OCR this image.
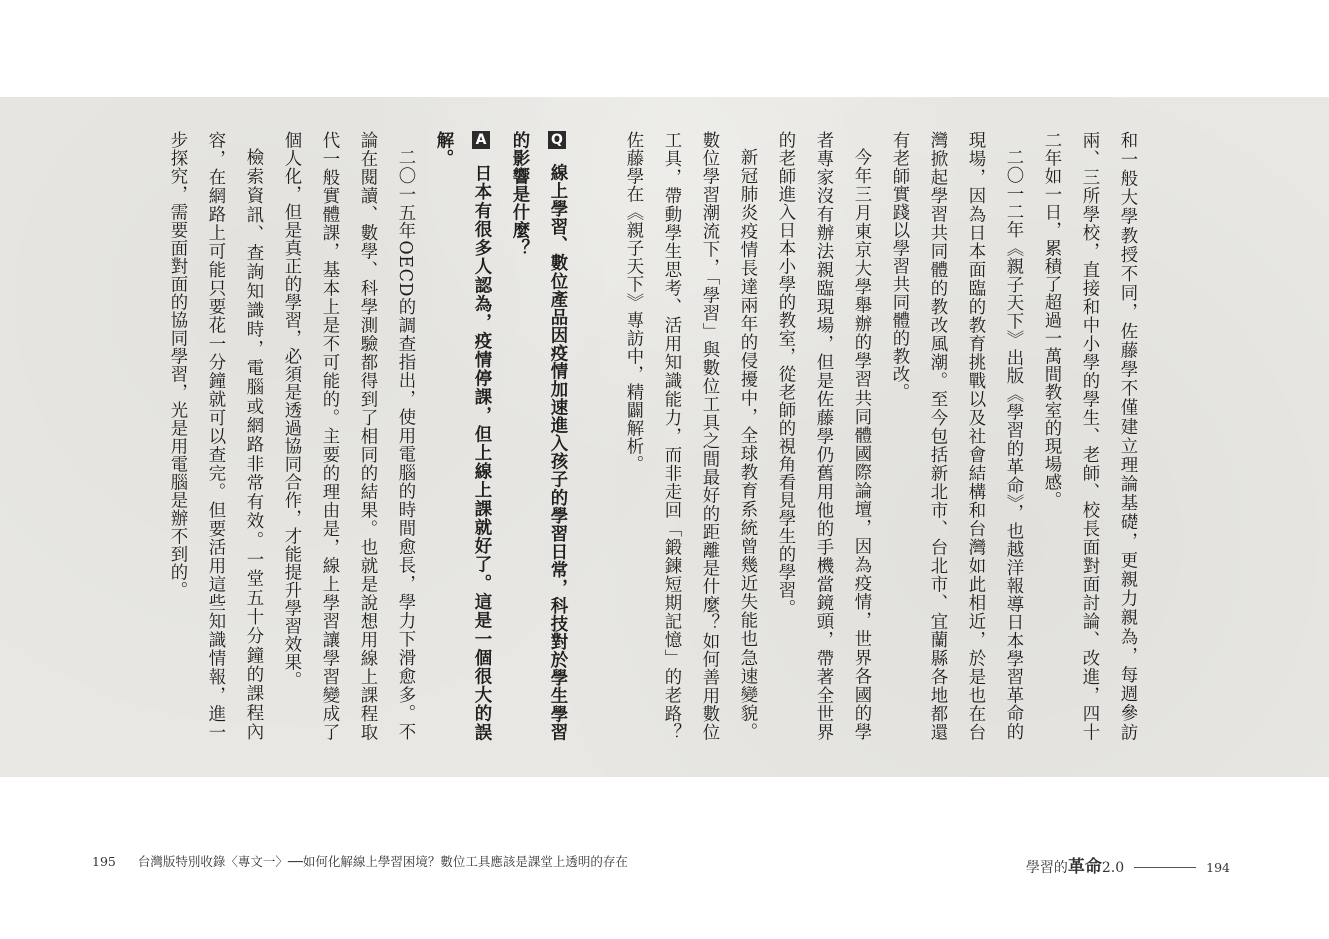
和一般大學教授不同，佐藤學不僅建立理論基礎，更親力親為，每週參訪兩、三所學校，直接和中小學的學生、老師、校長面對面討論、改進，四十二年如一日，累積了超過一萬間教室的現場感。

二〇一二年《親子天下》出版《學習的革命》，也越洋報導日本學習革命的現場，因為日本面臨的教育挑戰以及社會結構和台灣如此相近，於是也在台灣掀起學習共同體的教改風潮。至今包括新北市、台北市、宜蘭縣各地都還有老師實踐以學習共同體的教改。

今年三月東京大學舉辦的學習共同體國際論壇，因為疫情，世界各國的學者專家沒有辦法親臨現場，但是佐藤學仍舊用他的手機當鏡頭，帶著全世界的老師進入日本小學的教室，從老師的視角看見學生的學習。

新冠肺炎疫情長達兩年的侵擾中，全球教育系統曾幾近失能也急速變貌。數位學習潮流下，「學習」與數位工具之間最好的距離是什麼？如何善用數位工具，帶動學生思考、活用知識能力，而非走回「鍛鍊短期記憶」的老路？佐藤學在《親子天下》專訪中，精闢解析。

Q 線上學習、數位產品因疫情加速進入孩子的學習日常，科技對於學生學習的影響是什麼？

A 日本有很多人認為，疫情停課，但上線上課就好了。這是一個很大的誤解。

二〇一五年OECD的調查指出，使用電腦的時間愈長，學力下滑愈多。不論在閱讀、數學、科學測驗都得到了相同的結果。也就是說想用線上課程取代一般實體課，基本上是不可能的。主要的理由是，線上學習讓學習變成了個人化，但是真正的學習，必須是透過協同合作，才能提升學習效果。

檢索資訊、查詢知識時，電腦或網路非常有效。一堂五十分鐘的課程內容，在網路上可能只要花一分鐘就可以查完。但要活用這些知識情報，進一步探究，需要面對面的協同學習，光是用電腦是辦不到的。

195 台灣版特別收錄〈專文一〉──如何化解線上學習困境？數位工具應該是課堂上透明的存在	學習的革命2.0	194
